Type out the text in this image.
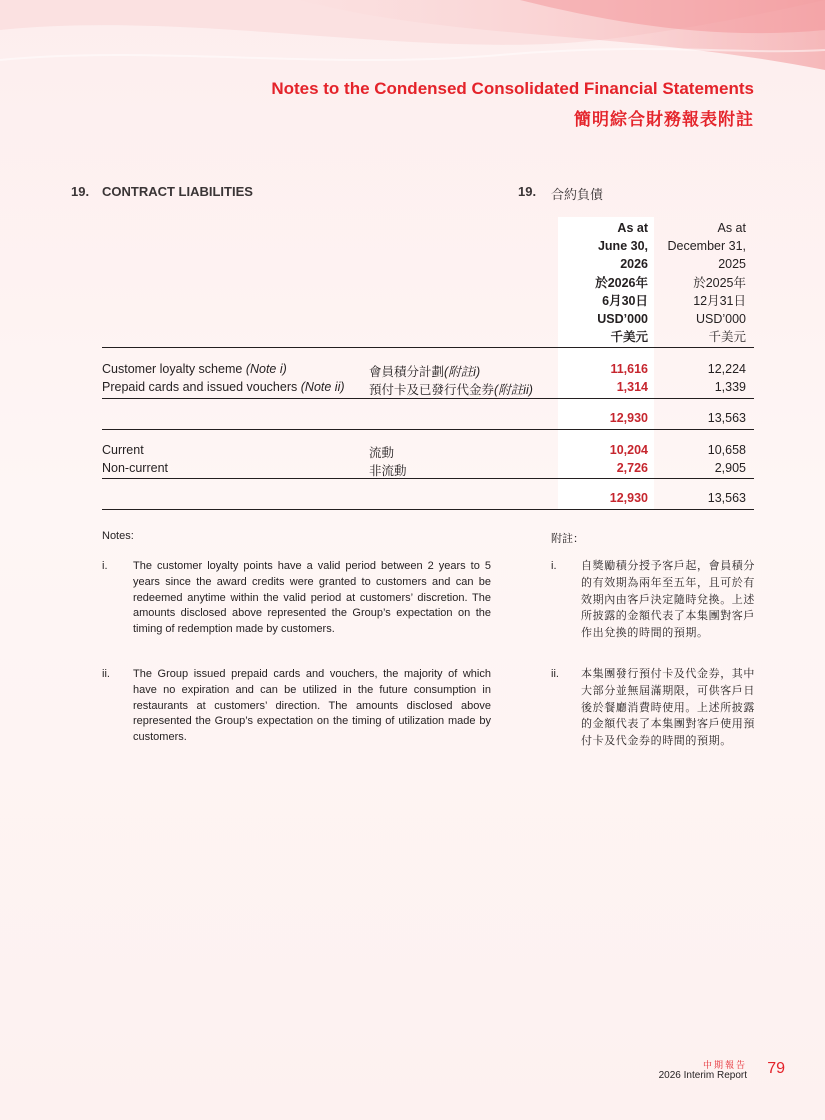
Notes to the Condensed Consolidated Financial Statements
簡明綜合財務報表附註
19. CONTRACT LIABILITIES	19. 合約負債
As at
June 30,
2026
於2026年
6月30日
USD’000
千美元
As at
December 31,
2025
於2025年
12月31日
USD’000
千美元
Customer loyalty scheme (Note i)	會員積分計劃(附註i)	11,616	12,224
Prepaid cards and issued vouchers (Note ii) 預付卡及已發行代金券(附註ii)	1,314	1,339
12,930	13,563
Current	流動	10,204	10,658
Non-current	非流動	2,726	2,905
12,930	13,563
Notes:	附註：
i. The customer loyalty points have a valid period between 2 years to 5 years since the award credits were granted to customers and can be redeemed anytime within the valid period at customers’ discretion. The amounts disclosed above represented the Group’s expectation on the timing of redemption made by customers.
i. 自獎勵積分授予客戶起，會員積分的有效期為兩年至五年，且可於有效期內由客戶決定隨時兌換。上述所披露的金額代表了本集團對客戶作出兌換的時間的預期。
ii. The Group issued prepaid cards and vouchers, the majority of which have no expiration and can be utilized in the future consumption in restaurants at customers’ direction. The amounts disclosed above represented the Group’s expectation on the timing of utilization made by customers.
ii. 本集團發行預付卡及代金券，其中大部分並無屆滿期限，可供客戶日後於餐廳消費時使用。上述所披露的金額代表了本集團對客戶使用預付卡及代金券的時間的預期。
中期報告
2026 Interim Report 79
